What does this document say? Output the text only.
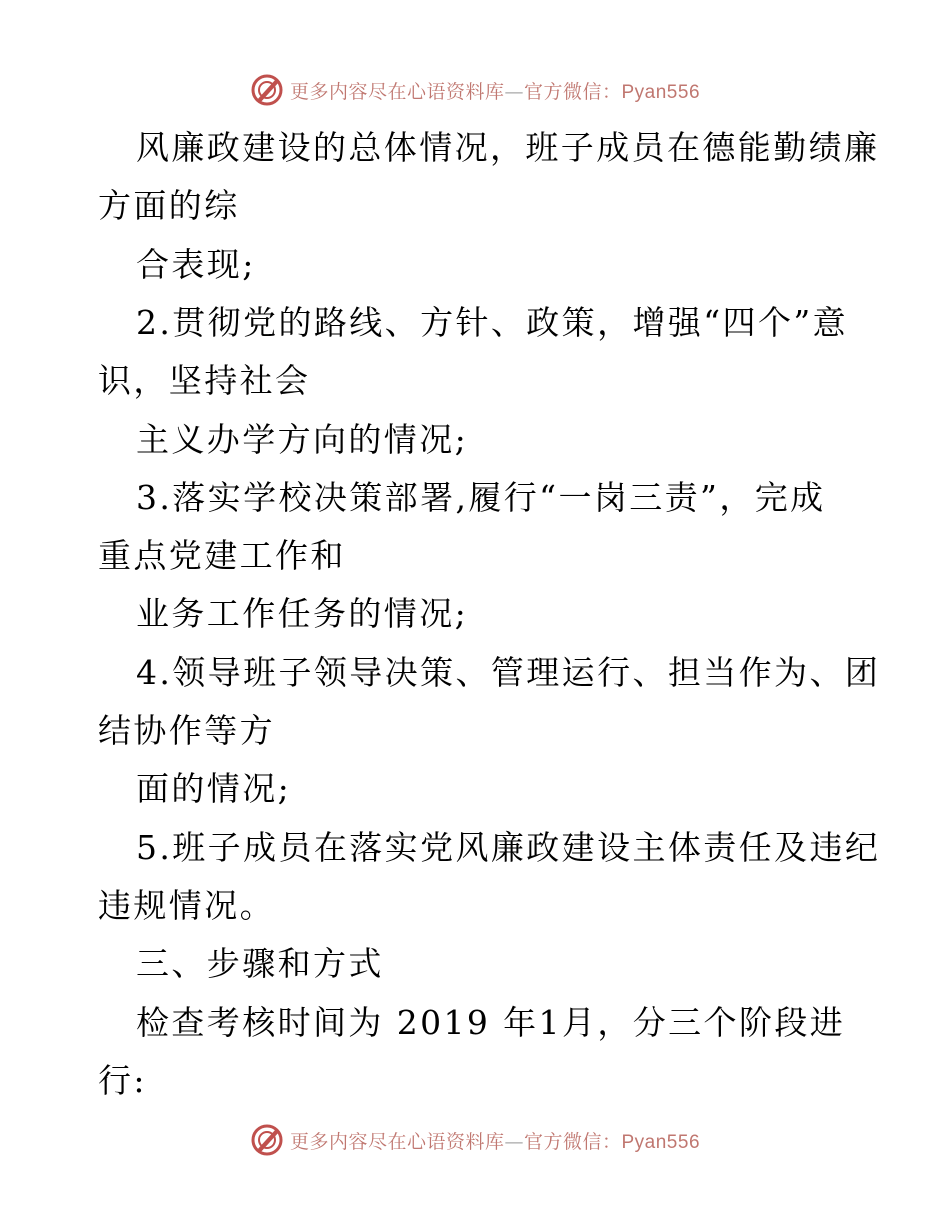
更多内容尽在心语资料库—官方微信：Pyan556
风廉政建设的总体情况，班子成员在德能勤绩廉
方面的综
合表现;
2.贯彻党的路线、方针、政策，增强“四个”意
识，坚持社会
主义办学方向的情况;
3.落实学校决策部署,履行“一岗三责”，完成
重点党建工作和
业务工作任务的情况;
4.领导班子领导决策、管理运行、担当作为、团
结协作等方
面的情况;
5.班子成员在落实党风廉政建设主体责任及违纪
违规情况。
三、步骤和方式
检查考核时间为 2019 年1月，分三个阶段进
行:
更多内容尽在心语资料库—官方微信：Pyan556
